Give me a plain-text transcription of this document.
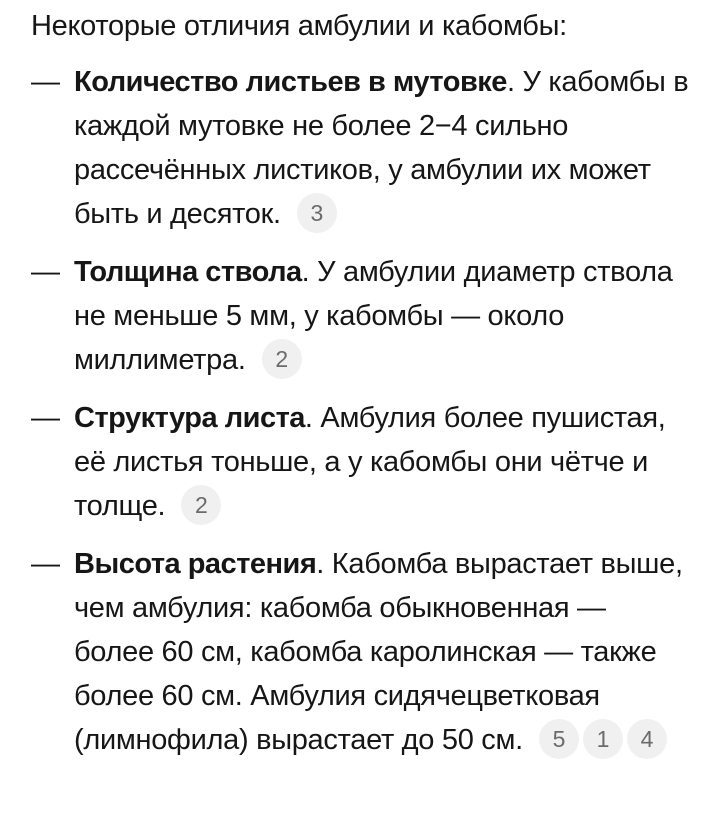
Некоторые отличия амбулии и кабомбы:
— Количество листьев в мутовке. У кабомбы в каждой мутовке не более 2−4 сильно рассечённых листиков, у амбулии их может быть и десяток. 3
— Толщина ствола. У амбулии диаметр ствола не меньше 5 мм, у кабомбы — около миллиметра. 2
— Структура листа. Амбулия более пушистая, её листья тоньше, а у кабомбы они чётче и толще. 2
— Высота растения. Кабомба вырастает выше, чем амбулия: кабомба обыкновенная — более 60 см, кабомба каролинская — также более 60 см. Амбулия сидячецветковая (лимнофила) вырастает до 50 см. 5 1 4
